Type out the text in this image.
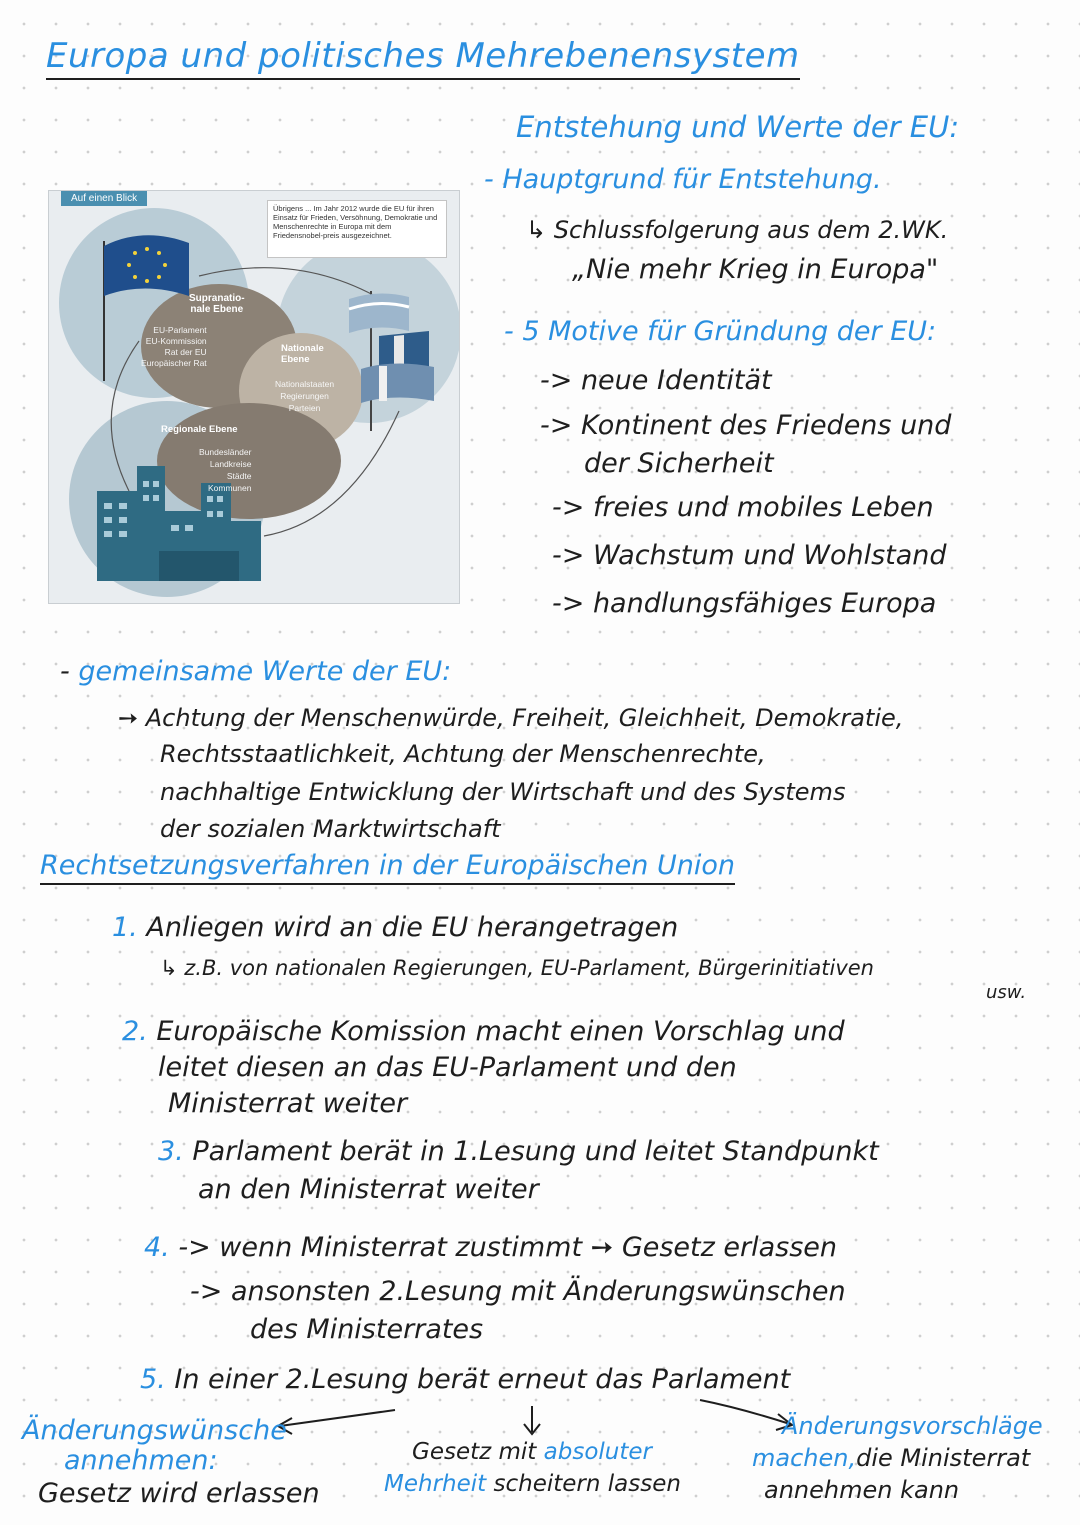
Europa und politisches Mehrebenensystem
Auf einen Blick
Übrigens ... Im Jahr 2012 wurde die EU für ihren Einsatz für Frieden, Versöhnung, Demokratie und Menschenrechte in Europa mit dem Friedensnobel-preis ausgezeichnet.
Supranatio-
nale Ebene
EU-Parlament
EU-Kommission
Rat der EU
Europäischer Rat
Nationale
Ebene
Nationalstaaten
Regierungen
Parteien
Regionale Ebene
Bundesländer
Landkreise
Städte
Kommunen
Entstehung und Werte der EU:
- Hauptgrund für Entstehung.
↳ Schlussfolgerung aus dem 2.WK.
„Nie mehr Krieg in Europa"
- 5 Motive für Gründung der EU:
-> neue Identität
-> Kontinent des Friedens und
der Sicherheit
-> freies und mobiles Leben
-> Wachstum und Wohlstand
-> handlungsfähiges Europa
- gemeinsame Werte der EU:
➙ Achtung der Menschenwürde, Freiheit, Gleichheit, Demokratie,
Rechtsstaatlichkeit, Achtung der Menschenrechte,
nachhaltige Entwicklung der Wirtschaft und des Systems
der sozialen Marktwirtschaft
Rechtsetzungsverfahren in der Europäischen Union
1. Anliegen wird an die EU herangetragen
↳ z.B. von nationalen Regierungen, EU-Parlament, Bürgerinitiativen
usw.
2. Europäische Komission macht einen Vorschlag und
leitet diesen an das EU-Parlament und den
Ministerrat weiter
3. Parlament berät in 1.Lesung und leitet Standpunkt
an den Ministerrat weiter
4. -> wenn Ministerrat zustimmt ➙ Gesetz erlassen
-> ansonsten 2.Lesung mit Änderungswünschen
des Ministerrates
5. In einer 2.Lesung berät erneut das Parlament
Änderungswünsche
annehmen:
Gesetz wird erlassen
Gesetz mit absoluter
Mehrheit scheitern lassen
Änderungsvorschläge
machen,die Ministerrat
annehmen kann
